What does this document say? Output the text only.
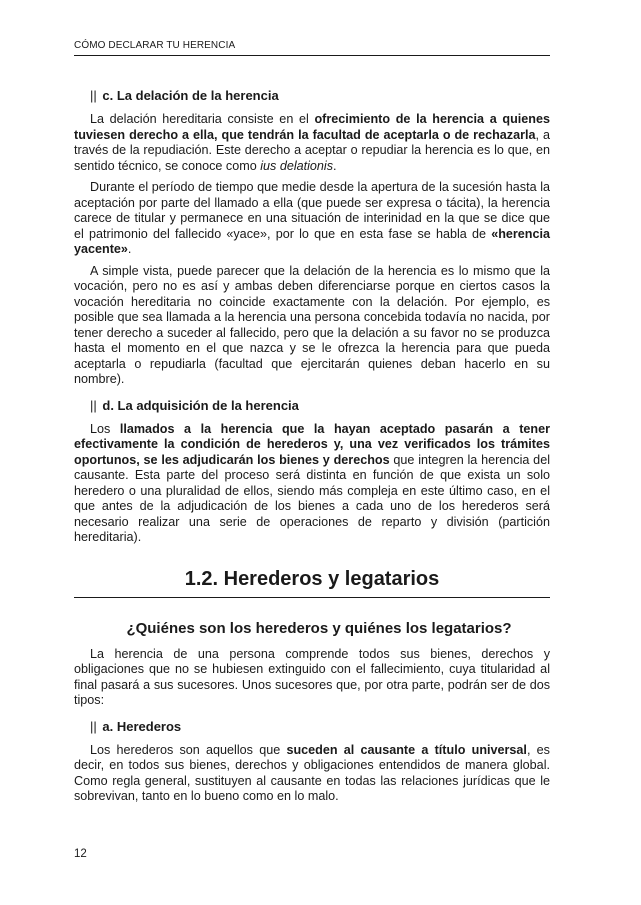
CÓMO DECLARAR TU HERENCIA
|| c. La delación de la herencia

La delación hereditaria consiste en el ofrecimiento de la herencia a quienes tuviesen derecho a ella, que tendrán la facultad de aceptarla o de rechazarla, a través de la repudiación. Este derecho a aceptar o repudiar la herencia es lo que, en sentido técnico, se conoce como ius delationis.

Durante el período de tiempo que medie desde la apertura de la sucesión hasta la aceptación por parte del llamado a ella (que puede ser expresa o tácita), la herencia carece de titular y permanece en una situación de interinidad en la que se dice que el patrimonio del fallecido «yace», por lo que en esta fase se habla de «herencia yacente».

A simple vista, puede parecer que la delación de la herencia es lo mismo que la vocación, pero no es así y ambas deben diferenciarse porque en ciertos casos la vocación hereditaria no coincide exactamente con la delación. Por ejemplo, es posible que sea llamada a la herencia una persona concebida todavía no nacida, por tener derecho a suceder al fallecido, pero que la delación a su favor no se produzca hasta el momento en el que nazca y se le ofrezca la herencia para que pueda aceptarla o repudiarla (facultad que ejercitarán quienes deban hacerlo en su nombre).

|| d. La adquisición de la herencia

Los llamados a la herencia que la hayan aceptado pasarán a tener efectivamente la condición de herederos y, una vez verificados los trámites oportunos, se les adjudicarán los bienes y derechos que integren la herencia del causante. Esta parte del proceso será distinta en función de que exista un solo heredero o una pluralidad de ellos, siendo más compleja en este último caso, en el que antes de la adjudicación de los bienes a cada uno de los herederos será necesario realizar una serie de operaciones de reparto y división (partición hereditaria).

1.2. Herederos y legatarios
¿Quiénes son los herederos y quiénes los legatarios?

La herencia de una persona comprende todos sus bienes, derechos y obligaciones que no se hubiesen extinguido con el fallecimiento, cuya titularidad al final pasará a sus sucesores. Unos sucesores que, por otra parte, podrán ser de dos tipos:

|| a. Herederos

Los herederos son aquellos que suceden al causante a título universal, es decir, en todos sus bienes, derechos y obligaciones entendidos de manera global. Como regla general, sustituyen al causante en todas las relaciones jurídicas que le sobrevivan, tanto en lo bueno como en lo malo.

12
